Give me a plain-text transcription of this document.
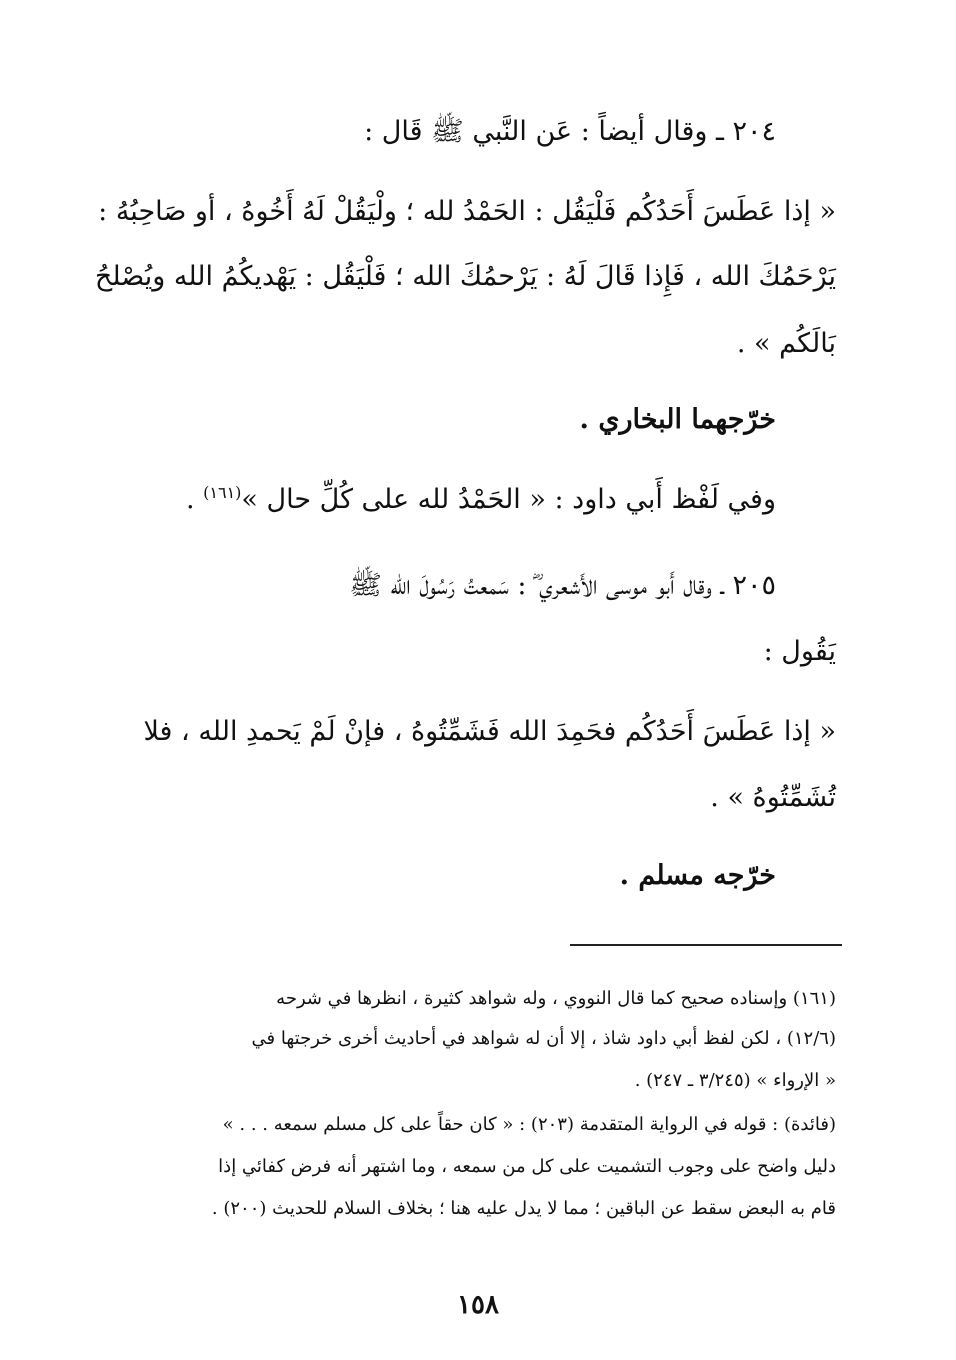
٢٠٤ ـ وقال أيضاً : عَن النَّبي ﷺ قَال :
« إذا عَطَسَ أَحَدُكُم فَلْيَقُل : الحَمْدُ لله ؛ ولْيَقُلْ لَهُ أَخُوهُ ، أو صَاحِبُهُ :
يَرْحَمُكَ الله ، فَإِذا قَالَ لَهُ : يَرْحمُكَ الله ؛ فَلْيَقُل : يَهْديكُمُ الله ويُصْلحُ
بَالَكُم » .
خرّجهما البخاري .
وفي لَفْظ أَبي داود : « الحَمْدُ لله على كُلِّ حال »$^{(١٦١)}$ .
٢٠٥ ـ وقال أَبو موسى الأَشعري ؓ : سَمعتُ رَسُولَ الله ﷺ
يَقُول :
« إذا عَطَسَ أَحَدُكُم فحَمِدَ الله فَشَمِّتُوهُ ، فإنْ لَمْ يَحمدِ الله ، فلا
تُشَمِّتُوهُ » .
خرّجه مسلم .
(١٦١) وإسناده صحيح كما قال النووي ، وله شواهد كثيرة ، انظرها في شرحه
(١٢/٦) ، لكن لفظ أبي داود شاذ ، إلا أن له شواهد في أحاديث أخرى خرجتها في
« الإرواء » (٣/٢٤٥ ـ ٢٤٧) .
(فائدة) : قوله في الرواية المتقدمة (٢٠٣) : « كان حقاً على كل مسلم سمعه . . . »
دليل واضح على وجوب التشميت على كل من سمعه ، وما اشتهر أنه فرض كفائي إذا
قام به البعض سقط عن الباقين ؛ مما لا يدل عليه هنا ؛ بخلاف السلام للحديث (٢٠٠) .
١٥٨
